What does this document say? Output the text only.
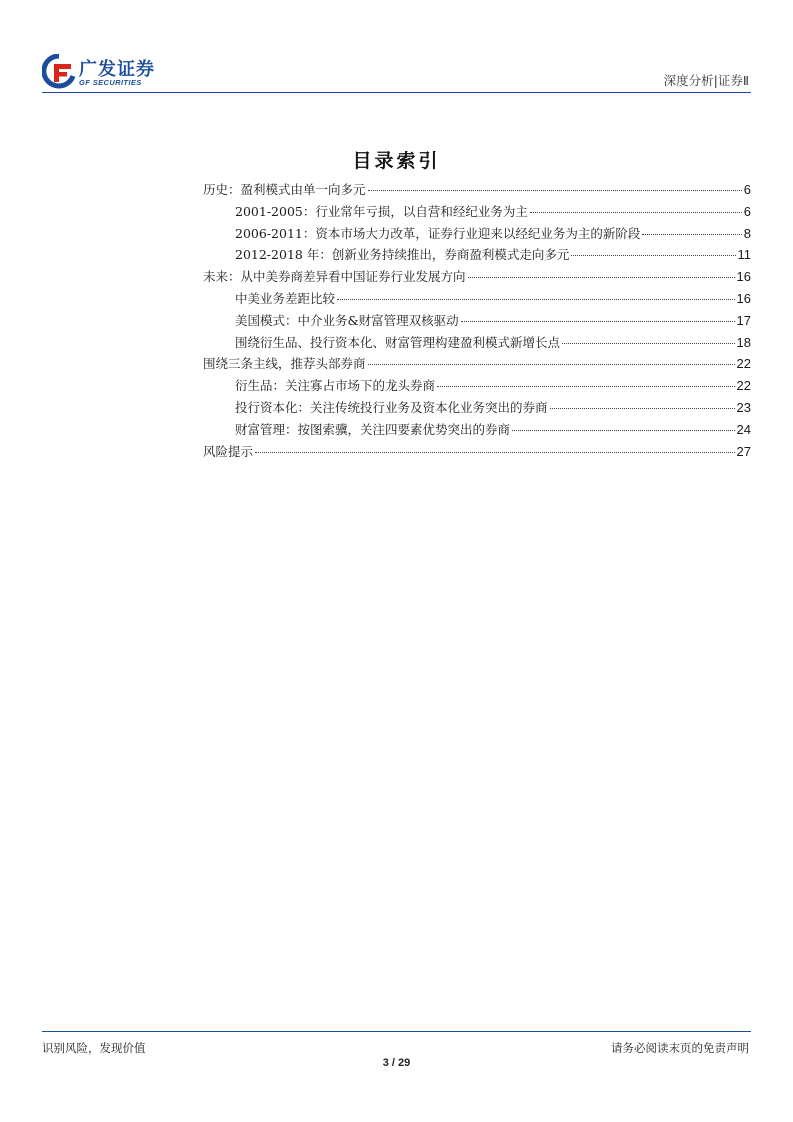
广发证券
GF SECURITIES	深度分析|证券Ⅱ
目录索引
历史：盈利模式由单一向多元	6
2001-2005：行业常年亏损，以自营和经纪业务为主	6
2006-2011：资本市场大力改革，证券行业迎来以经纪业务为主的新阶段	8
2012-2018 年：创新业务持续推出，券商盈利模式走向多元	11
未来：从中美券商差异看中国证券行业发展方向	16
中美业务差距比较	16
美国模式：中介业务&财富管理双核驱动	17
围绕衍生品、投行资本化、财富管理构建盈利模式新增长点	18
围绕三条主线，推荐头部券商	22
衍生品：关注寡占市场下的龙头券商	22
投行资本化：关注传统投行业务及资本化业务突出的券商	23
财富管理：按图索骥，关注四要素优势突出的券商	24
风险提示	27
识别风险，发现价值	请务必阅读末页的免责声明
3 / 29
